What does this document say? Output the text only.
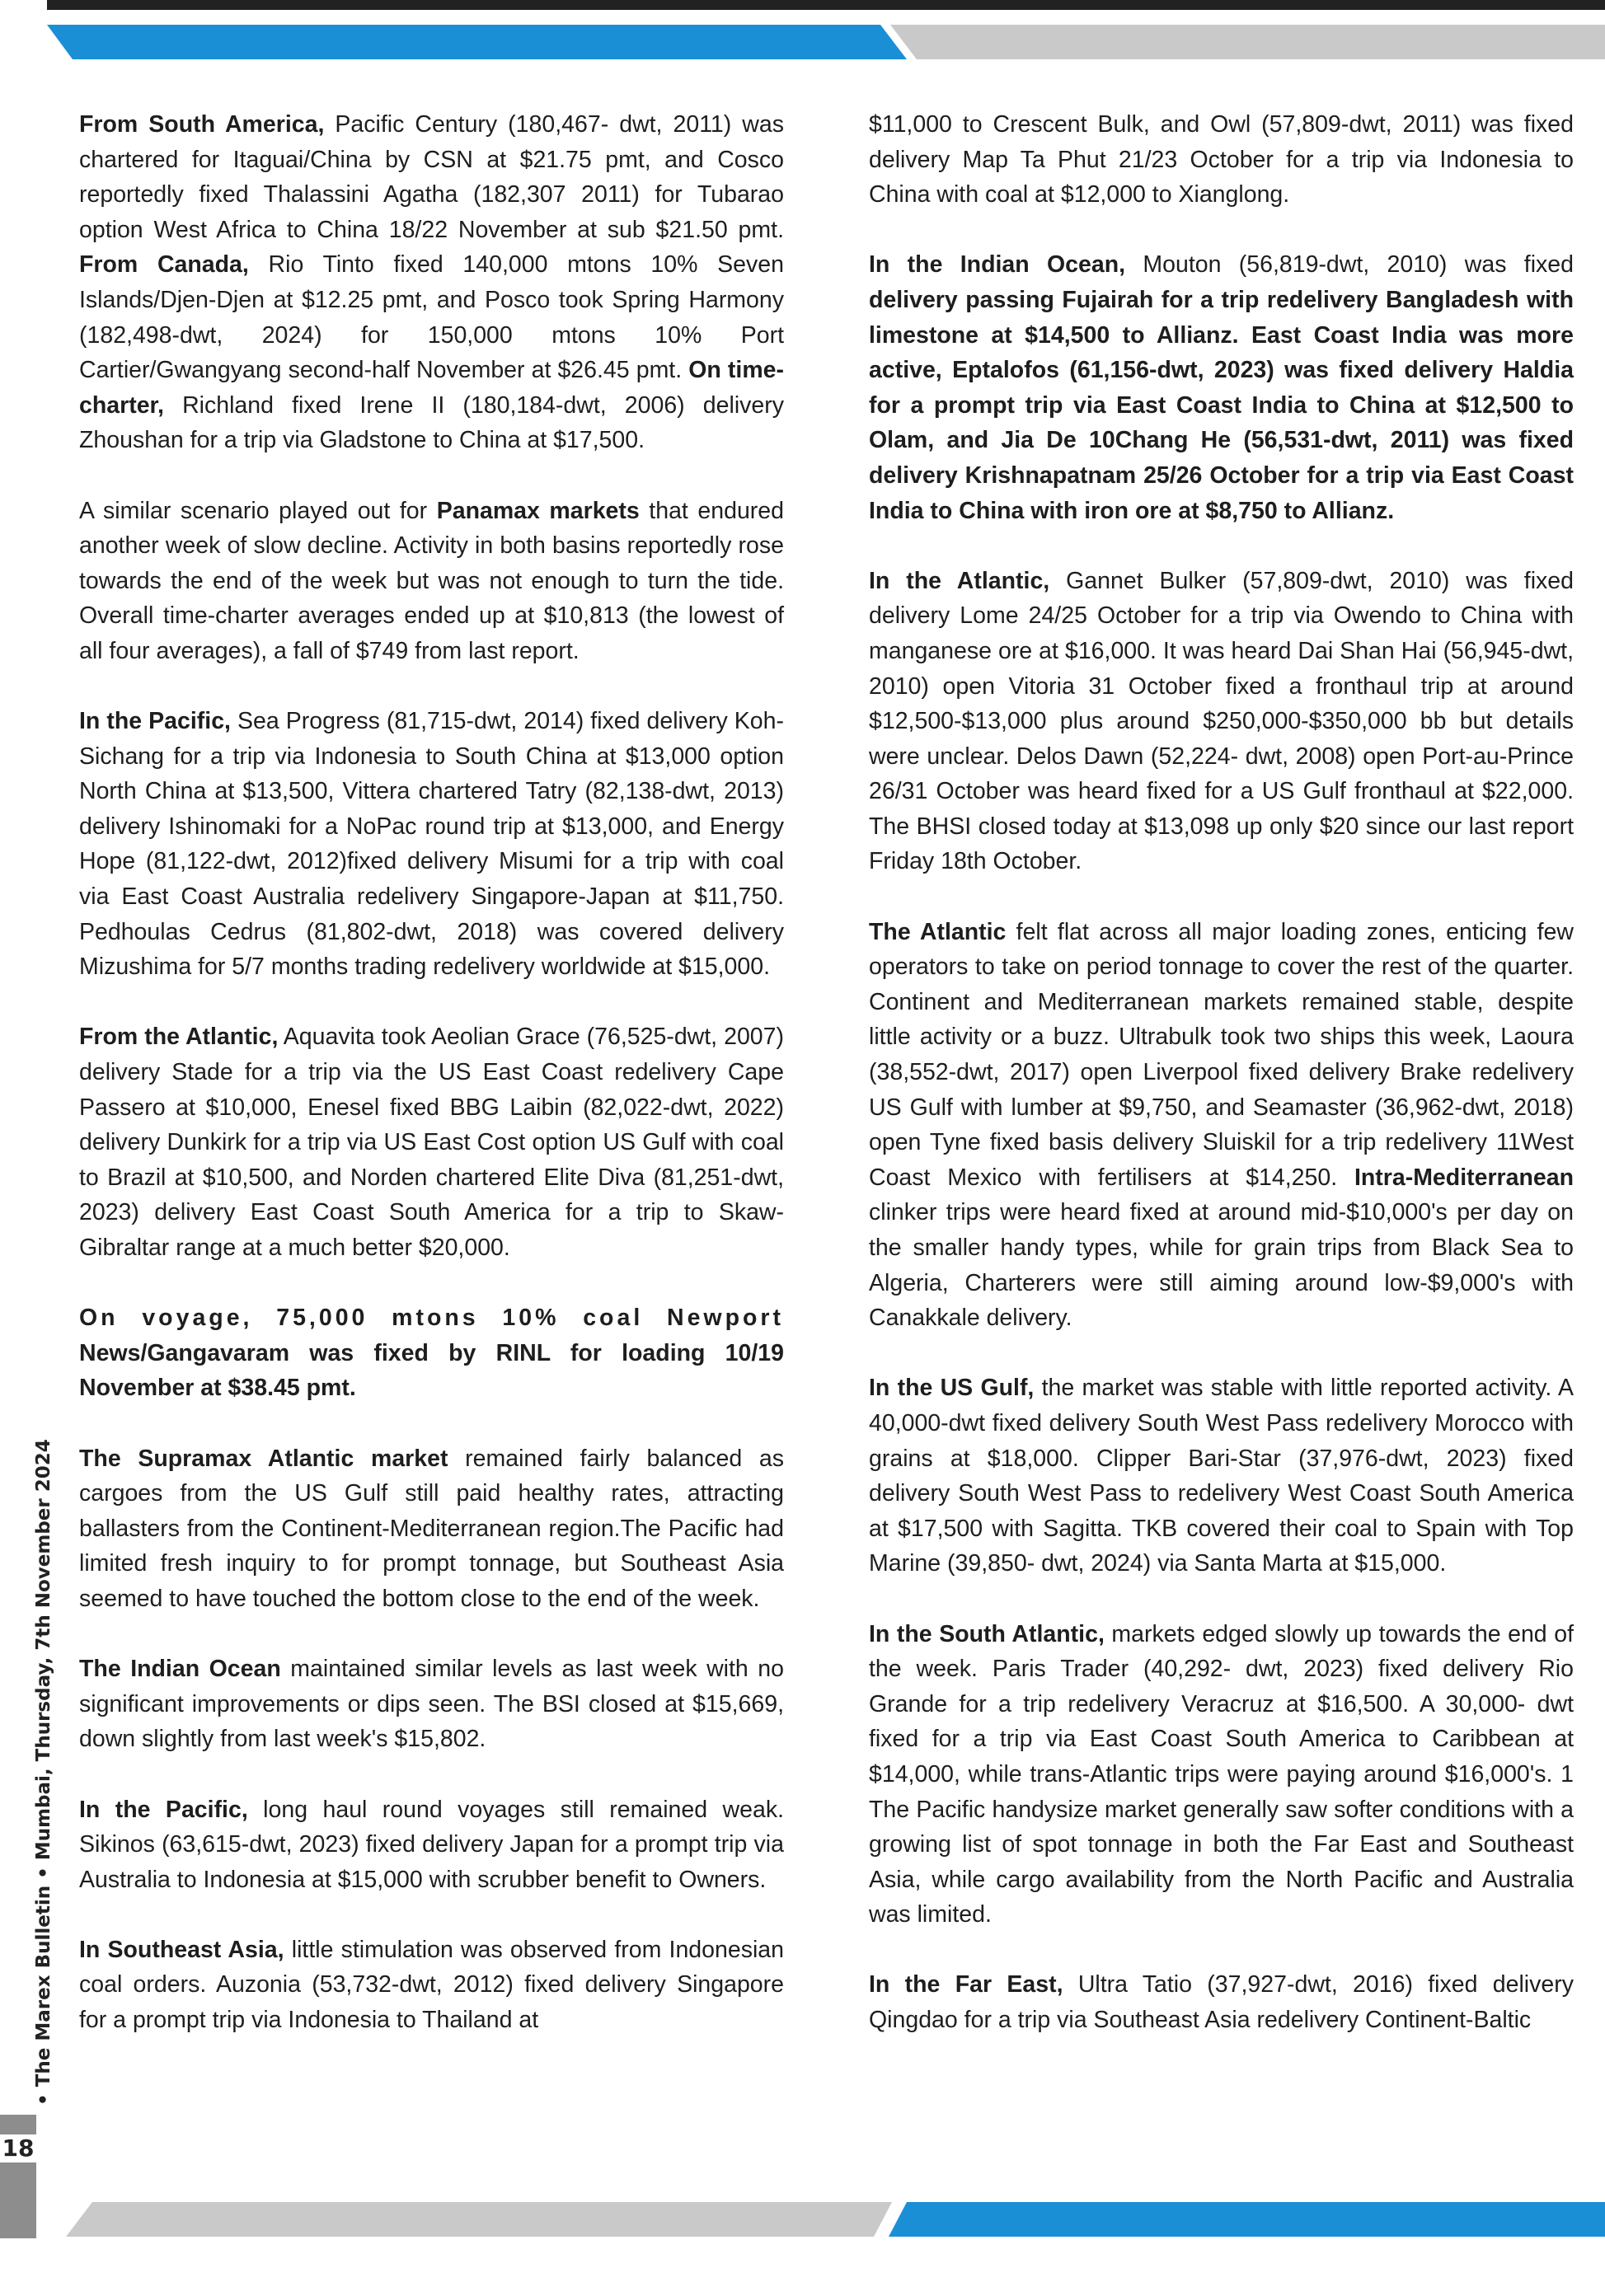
• The Marex Bulletin • Mumbai, Thursday, 7th November 2024
18

From South America, Pacific Century (180,467- dwt, 2011) was chartered for Itaguai/China by CSN at $21.75 pmt, and Cosco reportedly fixed Thalassini Agatha (182,307 2011) for Tubarao option West Africa to China 18/22 November at sub $21.50 pmt. From Canada, Rio Tinto fixed 140,000 mtons 10% Seven Islands/Djen-Djen at $12.25 pmt, and Posco took Spring Harmony (182,498-dwt, 2024) for 150,000 mtons 10% Port Cartier/Gwangyang second-half November at $26.45 pmt. On time-charter, Richland fixed Irene II (180,184-dwt, 2006) delivery Zhoushan for a trip via Gladstone to China at $17,500.

A similar scenario played out for Panamax markets that endured another week of slow decline. Activity in both basins reportedly rose towards the end of the week but was not enough to turn the tide. Overall time-charter averages ended up at $10,813 (the lowest of all four averages), a fall of $749 from last report.

In the Pacific, Sea Progress (81,715-dwt, 2014) fixed delivery Koh-Sichang for a trip via Indonesia to South China at $13,000 option North China at $13,500, Vittera chartered Tatry (82,138-dwt, 2013) delivery Ishinomaki for a NoPac round trip at $13,000, and Energy Hope (81,122-dwt, 2012)fixed delivery Misumi for a trip with coal via East Coast Australia redelivery Singapore-Japan at $11,750. Pedhoulas Cedrus (81,802-dwt, 2018) was covered delivery Mizushima for 5/7 months trading redelivery worldwide at $15,000.

From the Atlantic, Aquavita took Aeolian Grace (76,525-dwt, 2007) delivery Stade for a trip via the US East Coast redelivery Cape Passero at $10,000, Enesel fixed BBG Laibin (82,022-dwt, 2022) delivery Dunkirk for a trip via US East Cost option US Gulf with coal to Brazil at $10,500, and Norden chartered Elite Diva (81,251-dwt, 2023) delivery East Coast South America for a trip to Skaw-Gibraltar range at a much better $20,000.

On voyage, 75,000 mtons 10% coal Newport News/Gangavaram was fixed by RINL for loading 10/19 November at $38.45 pmt.

The Supramax Atlantic market remained fairly balanced as cargoes from the US Gulf still paid healthy rates, attracting ballasters from the Continent-Mediterranean region.The Pacific had limited fresh inquiry to for prompt tonnage, but Southeast Asia seemed to have touched the bottom close to the end of the week.

The Indian Ocean maintained similar levels as last week with no significant improvements or dips seen. The BSI closed at $15,669, down slightly from last week's $15,802.

In the Pacific, long haul round voyages still remained weak. Sikinos (63,615-dwt, 2023) fixed delivery Japan for a prompt trip via Australia to Indonesia at $15,000 with scrubber benefit to Owners.

In Southeast Asia, little stimulation was observed from Indonesian coal orders. Auzonia (53,732-dwt, 2012) fixed delivery Singapore for a prompt trip via Indonesia to Thailand at

$11,000 to Crescent Bulk, and Owl (57,809-dwt, 2011) was fixed delivery Map Ta Phut 21/23 October for a trip via Indonesia to China with coal at $12,000 to Xianglong.

In the Indian Ocean, Mouton (56,819-dwt, 2010) was fixed delivery passing Fujairah for a trip redelivery Bangladesh with limestone at $14,500 to Allianz. East Coast India was more active, Eptalofos (61,156-dwt, 2023) was fixed delivery Haldia for a prompt trip via East Coast India to China at $12,500 to Olam, and Jia De 10Chang He (56,531-dwt, 2011) was fixed delivery Krishnapatnam 25/26 October for a trip via East Coast India to China with iron ore at $8,750 to Allianz.

In the Atlantic, Gannet Bulker (57,809-dwt, 2010) was fixed delivery Lome 24/25 October for a trip via Owendo to China with manganese ore at $16,000. It was heard Dai Shan Hai (56,945-dwt, 2010) open Vitoria 31 October fixed a fronthaul trip at around $12,500-$13,000 plus around $250,000-$350,000 bb but details were unclear. Delos Dawn (52,224- dwt, 2008) open Port-au-Prince 26/31 October was heard fixed for a US Gulf fronthaul at $22,000. The BHSI closed today at $13,098 up only $20 since our last report Friday 18th October.

The Atlantic felt flat across all major loading zones, enticing few operators to take on period tonnage to cover the rest of the quarter. Continent and Mediterranean markets remained stable, despite little activity or a buzz. Ultrabulk took two ships this week, Laoura (38,552-dwt, 2017) open Liverpool fixed delivery Brake redelivery US Gulf with lumber at $9,750, and Seamaster (36,962-dwt, 2018) open Tyne fixed basis delivery Sluiskil for a trip redelivery 11West Coast Mexico with fertilisers at $14,250. Intra-Mediterranean clinker trips were heard fixed at around mid-$10,000's per day on the smaller handy types, while for grain trips from Black Sea to Algeria, Charterers were still aiming around low-$9,000's with Canakkale delivery.

In the US Gulf, the market was stable with little reported activity. A 40,000-dwt fixed delivery South West Pass redelivery Morocco with grains at $18,000. Clipper Bari-Star (37,976-dwt, 2023) fixed delivery South West Pass to redelivery West Coast South America at $17,500 with Sagitta. TKB covered their coal to Spain with Top Marine (39,850- dwt, 2024) via Santa Marta at $15,000.

In the South Atlantic, markets edged slowly up towards the end of the week. Paris Trader (40,292- dwt, 2023) fixed delivery Rio Grande for a trip redelivery Veracruz at $16,500. A 30,000- dwt fixed for a trip via East Coast South America to Caribbean at $14,000, while trans-Atlantic trips were paying around $16,000's. 1 The Pacific handysize market generally saw softer conditions with a growing list of spot tonnage in both the Far East and Southeast Asia, while cargo availability from the North Pacific and Australia was limited.

In the Far East, Ultra Tatio (37,927-dwt, 2016) fixed delivery Qingdao for a trip via Southeast Asia redelivery Continent-Baltic
